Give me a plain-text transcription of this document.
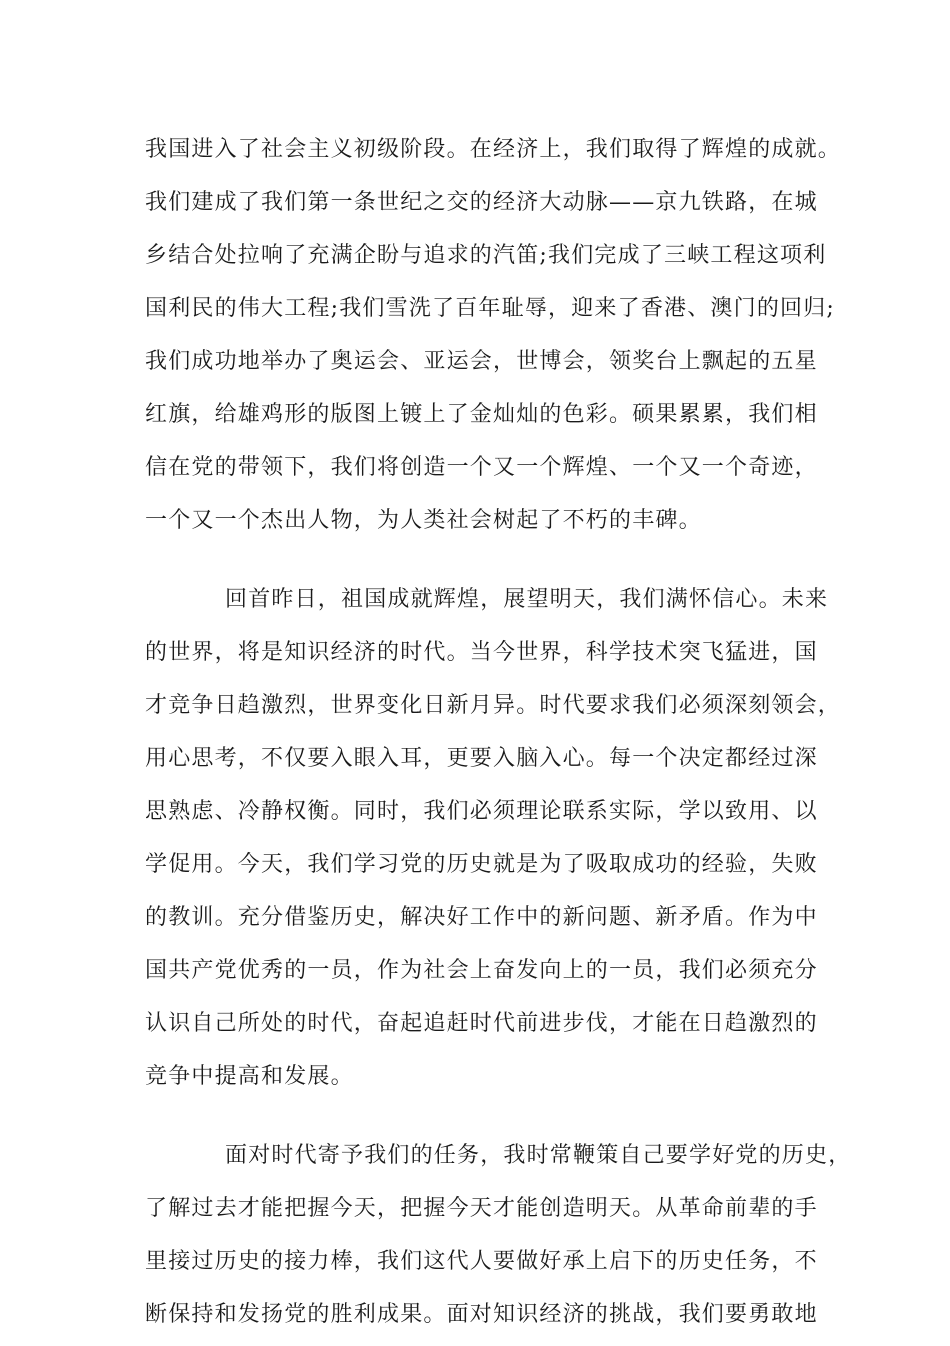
我国进入了社会主义初级阶段。在经济上，我们取得了辉煌的成就。
我们建成了我们第一条世纪之交的经济大动脉——京九铁路，在城
乡结合处拉响了充满企盼与追求的汽笛;我们完成了三峡工程这项利
国利民的伟大工程;我们雪洗了百年耻辱，迎来了香港、澳门的回归;
我们成功地举办了奥运会、亚运会，世博会，领奖台上飘起的五星
红旗，给雄鸡形的版图上镀上了金灿灿的色彩。硕果累累，我们相
信在党的带领下，我们将创造一个又一个辉煌、一个又一个奇迹，
一个又一个杰出人物，为人类社会树起了不朽的丰碑。
回首昨日，祖国成就辉煌，展望明天，我们满怀信心。未来
的世界，将是知识经济的时代。当今世界，科学技术突飞猛进，国
才竞争日趋激烈，世界变化日新月异。时代要求我们必须深刻领会，
用心思考，不仅要入眼入耳，更要入脑入心。每一个决定都经过深
思熟虑、冷静权衡。同时，我们必须理论联系实际，学以致用、以
学促用。今天，我们学习党的历史就是为了吸取成功的经验，失败
的教训。充分借鉴历史，解决好工作中的新问题、新矛盾。作为中
国共产党优秀的一员，作为社会上奋发向上的一员，我们必须充分
认识自己所处的时代，奋起追赶时代前进步伐，才能在日趋激烈的
竞争中提高和发展。
面对时代寄予我们的任务，我时常鞭策自己要学好党的历史，
了解过去才能把握今天，把握今天才能创造明天。从革命前辈的手
里接过历史的接力棒，我们这代人要做好承上启下的历史任务，不
断保持和发扬党的胜利成果。面对知识经济的挑战，我们要勇敢地
